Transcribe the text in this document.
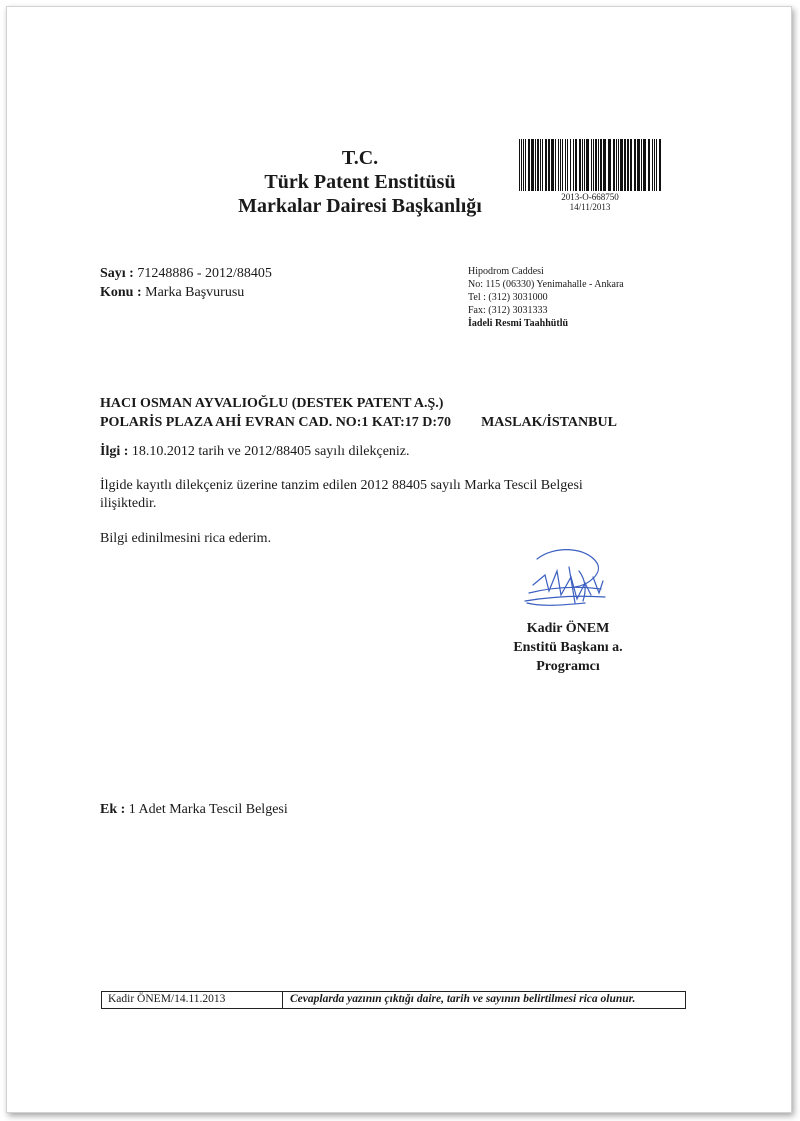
T.C.
Türk Patent Enstitüsü
Markalar Dairesi Başkanlığı	2013-O-668750
14/11/2013
Sayı : 71248886 - 2012/88405
Konu : Marka Başvurusu
Hipodrom Caddesi
No: 115 (06330) Yenimahalle - Ankara
Tel : (312) 3031000
Fax: (312) 3031333
İadeli Resmi Taahhütlü
HACI OSMAN AYVALIOĞLU (DESTEK PATENT A.Ş.)
POLARİS PLAZA AHİ EVRAN CAD. NO:1 KAT:17 D:70 MASLAK/İSTANBUL
İlgi : 18.10.2012 tarih ve 2012/88405 sayılı dilekçeniz.
İlgide kayıtlı dilekçeniz üzerine tanzim edilen 2012 88405 sayılı Marka Tescil Belgesi
ilişiktedir.
Bilgi edinilmesini rica ederim.
Kadir ÖNEM
Enstitü Başkanı a.
Programcı
Ek : 1 Adet Marka Tescil Belgesi
Kadir ÖNEM/14.11.2013	Cevaplarda yazının çıktığı daire, tarih ve sayının belirtilmesi rica olunur.
